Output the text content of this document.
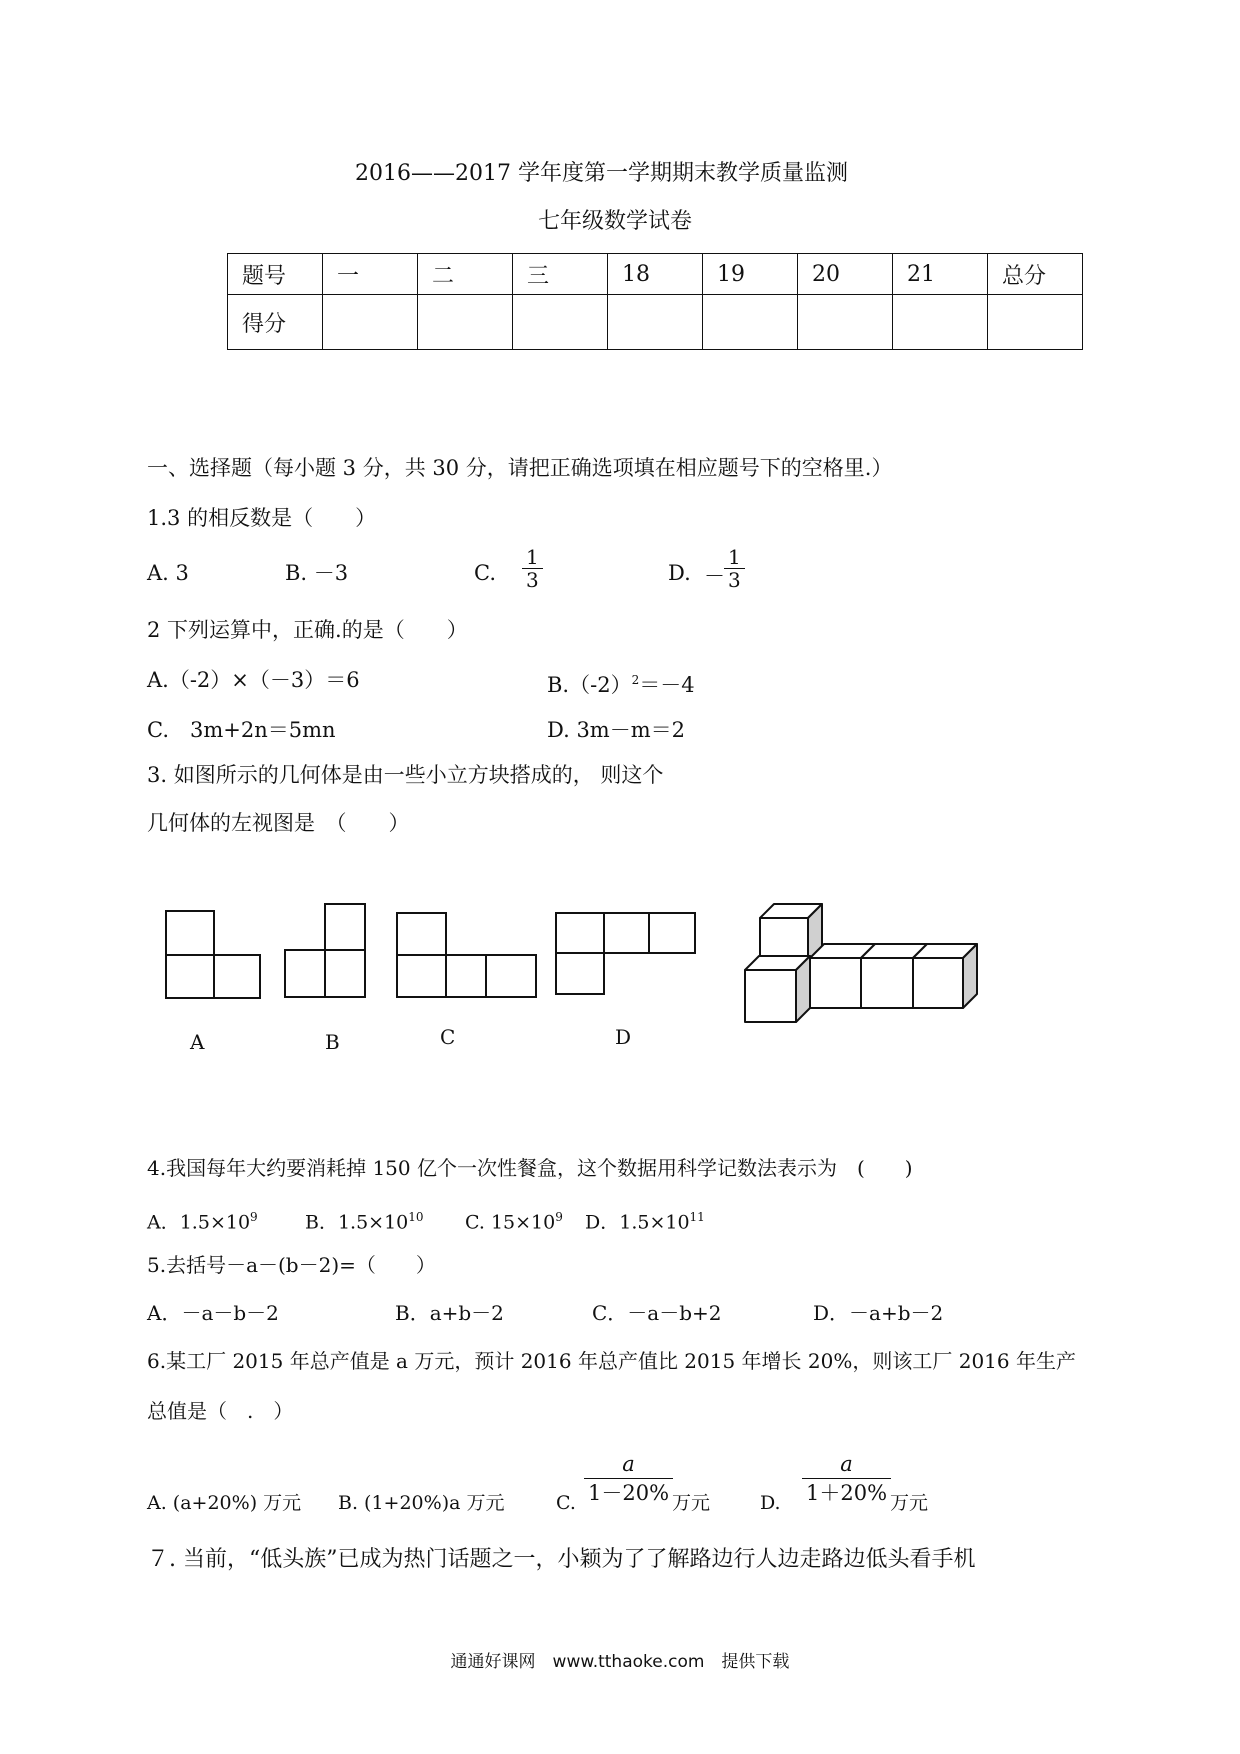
2016——2017 学年度第一学期期末教学质量监测
七年级数学试卷
题号	一	二	三	18	19	20	21	总分
得分								
一、选择题（每小题 3 分，共 30 分，请把正确选项填在相应题号下的空格里.）
1.3 的相反数是（　　）
A. 3	B. －3	C. $\frac{1}{3}$	D. － $\frac{1}{3}$
2 下列运算中，正确.的是（　　）
A.（-2）×（－3）＝6	$B.(-2)^2=-4$
C.　3m+2n＝5mn	D. 3m－m＝2
3. 如图所示的几何体是由一些小立方块搭成的， 则这个
几何体的左视图是　（　　）
A	B	C	D
4.我国每年大约要消耗掉 150 亿个一次性餐盒，这个数据用科学记数法表示为　(　　)
A．$1.5\times 10^9$ B．$1.5\times 10^{10}$ C. $15\times 10^9$ D．$1.5\times 10^{11}$
5.去括号－a－(b－2)=（　　）
A．－a－b－2	B．a+b－2	C．－a－b+2	D．－a+b－2
6.某工厂 2015 年总产值是 a 万元，预计 2016 年总产值比 2015 年增长 20%，则该工厂 2016 年生产
总值是（　.　）
A. (a+20%) 万元 B. (1+20%)a 万元	C. $\frac{a}{1-20\%}$
万元	D. $\frac{a}{1+20\%}$
万元
７. 当前，“低头族”已成为热门话题之一，小颖为了了解路边行人边走路边低头看手机
通通好课网　www.tthaoke.com　提供下载
